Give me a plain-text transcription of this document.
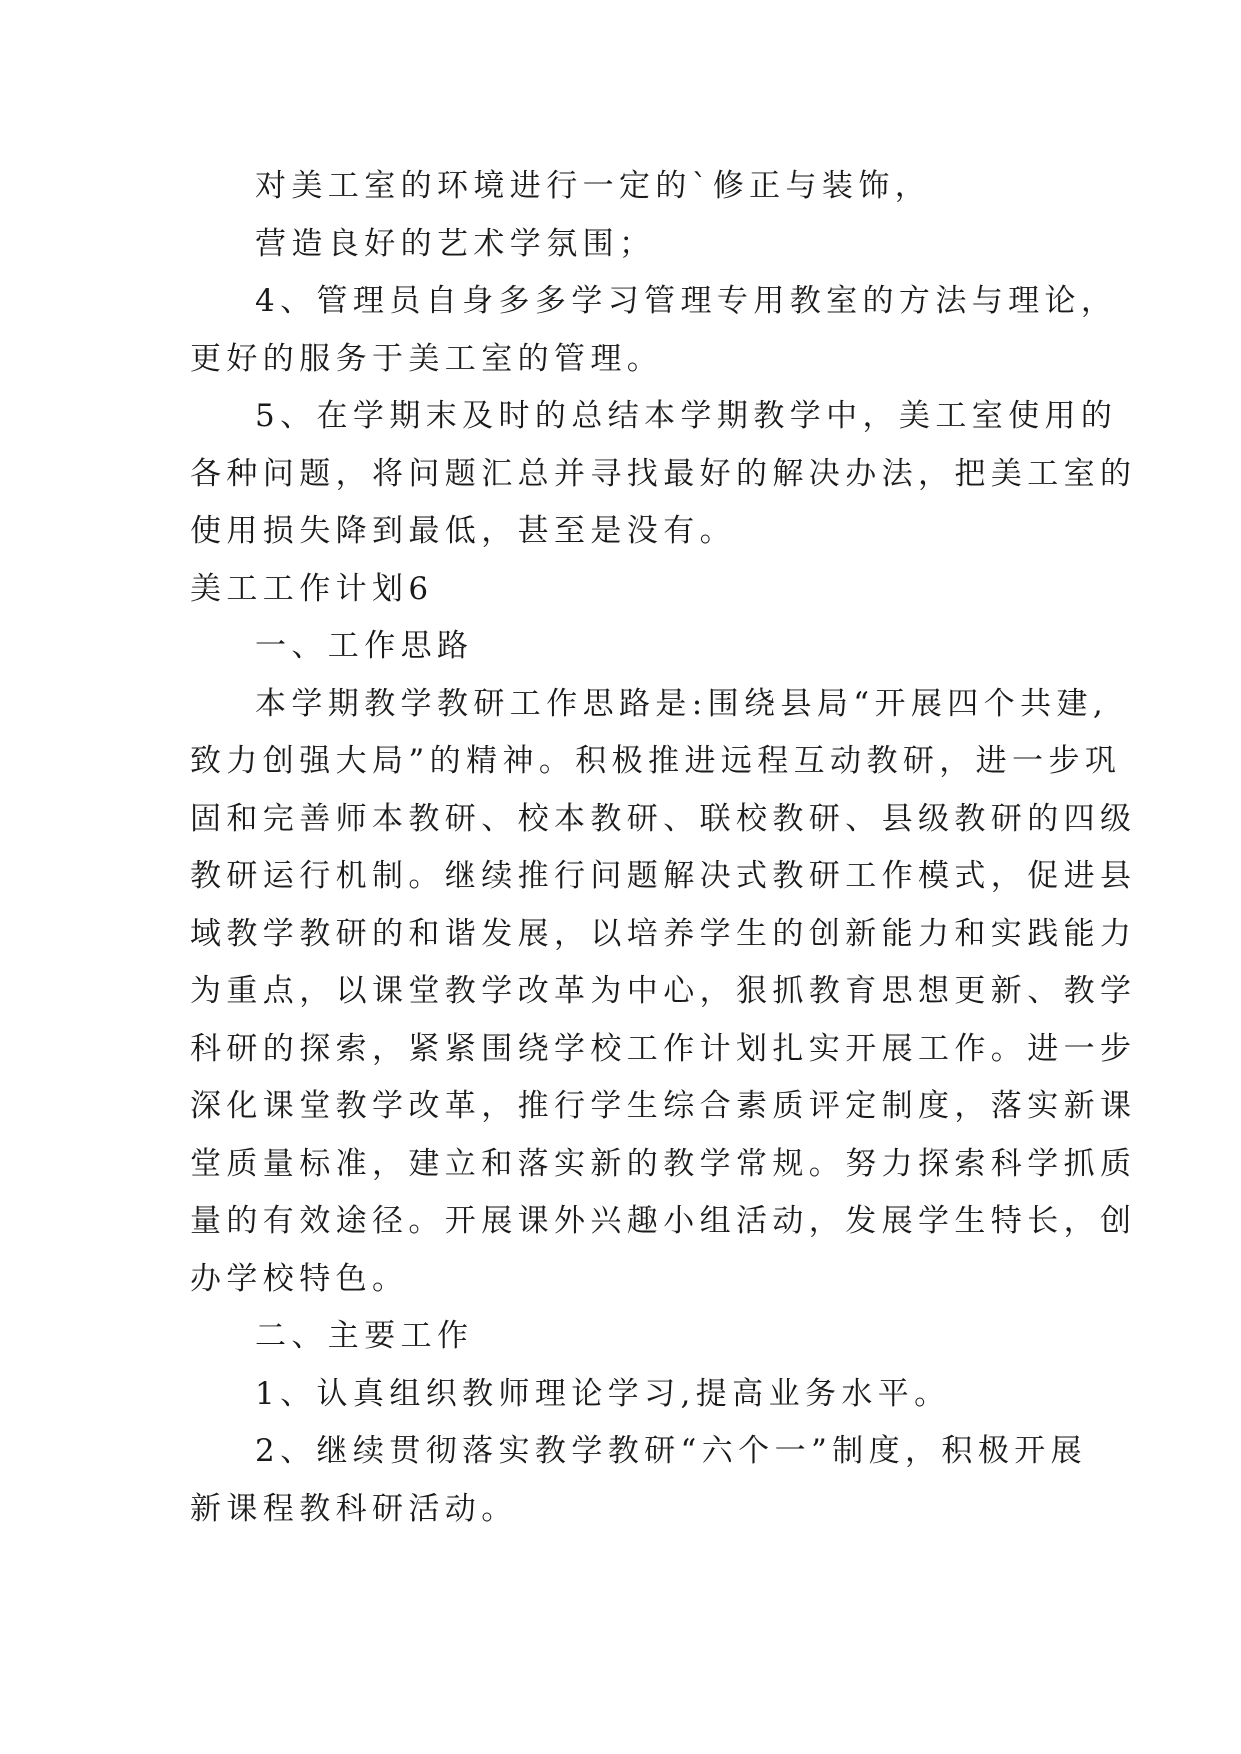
对美工室的环境进行一定的`修正与装饰，
营造良好的艺术学氛围；
4、管理员自身多多学习管理专用教室的方法与理论，
更好的服务于美工室的管理。
5、在学期末及时的总结本学期教学中，美工室使用的
各种问题，将问题汇总并寻找最好的解决办法，把美工室的
使用损失降到最低，甚至是没有。
美工工作计划6
一、工作思路
本学期教学教研工作思路是:围绕县局“开展四个共建,
致力创强大局”的精神。积极推进远程互动教研，进一步巩
固和完善师本教研、校本教研、联校教研、县级教研的四级
教研运行机制。继续推行问题解决式教研工作模式，促进县
域教学教研的和谐发展，以培养学生的创新能力和实践能力
为重点，以课堂教学改革为中心，狠抓教育思想更新、教学
科研的探索，紧紧围绕学校工作计划扎实开展工作。进一步
深化课堂教学改革，推行学生综合素质评定制度，落实新课
堂质量标准，建立和落实新的教学常规。努力探索科学抓质
量的有效途径。开展课外兴趣小组活动，发展学生特长，创
办学校特色。
二、主要工作
1、认真组织教师理论学习,提高业务水平。
2、继续贯彻落实教学教研“六个一”制度，积极开展
新课程教科研活动。
